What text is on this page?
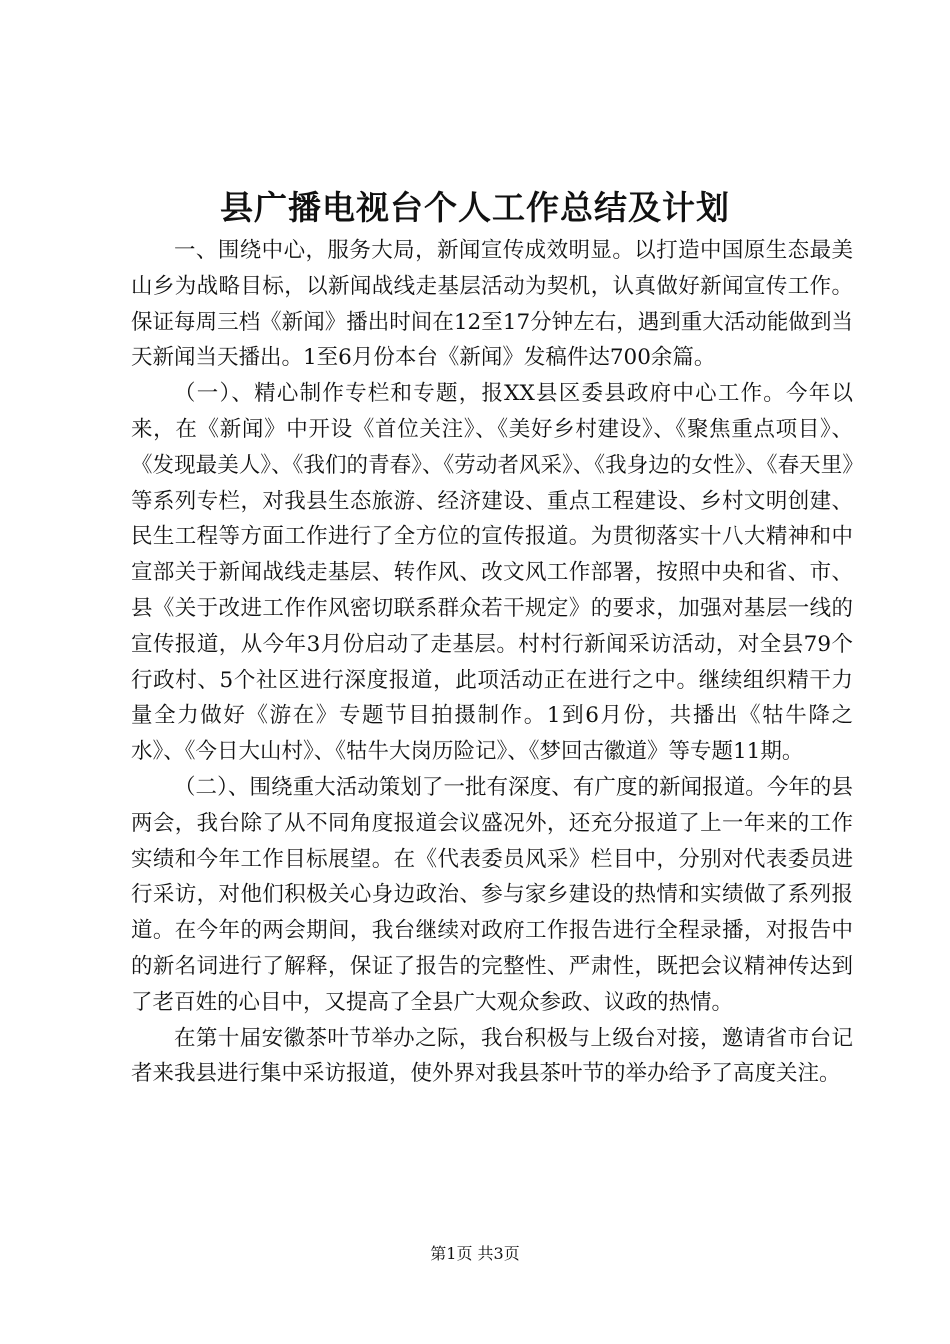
县广播电视台个人工作总结及计划

一、围绕中心，服务大局，新闻宣传成效明显。以打造中国原生态最美山乡为战略目标，以新闻战线走基层活动为契机，认真做好新闻宣传工作。保证每周三档《新闻》播出时间在12至17分钟左右，遇到重大活动能做到当天新闻当天播出。1至6月份本台《新闻》发稿件达700余篇。

（一）、精心制作专栏和专题，报XX县区委县政府中心工作。今年以来，在《新闻》中开设《首位关注》、《美好乡村建设》、《聚焦重点项目》、《发现最美人》、《我们的青春》、《劳动者风采》、《我身边的女性》、《春天里》等系列专栏，对我县生态旅游、经济建设、重点工程建设、乡村文明创建、民生工程等方面工作进行了全方位的宣传报道。为贯彻落实十八大精神和中宣部关于新闻战线走基层、转作风、改文风工作部署，按照中央和省、市、县《关于改进工作作风密切联系群众若干规定》的要求，加强对基层一线的宣传报道，从今年3月份启动了走基层。村村行新闻采访活动，对全县79个行政村、5个社区进行深度报道，此项活动正在进行之中。继续组织精干力量全力做好《游在》专题节目拍摄制作。1到6月份，共播出《牯牛降之水》、《今日大山村》、《牯牛大岗历险记》、《梦回古徽道》等专题11期。

（二）、围绕重大活动策划了一批有深度、有广度的新闻报道。今年的县两会，我台除了从不同角度报道会议盛况外，还充分报道了上一年来的工作实绩和今年工作目标展望。在《代表委员风采》栏目中，分别对代表委员进行采访，对他们积极关心身边政治、参与家乡建设的热情和实绩做了系列报道。在今年的两会期间，我台继续对政府工作报告进行全程录播，对报告中的新名词进行了解释，保证了报告的完整性、严肃性，既把会议精神传达到了老百姓的心目中，又提高了全县广大观众参政、议政的热情。

在第十届安徽茶叶节举办之际，我台积极与上级台对接，邀请省市台记者来我县进行集中采访报道，使外界对我县茶叶节的举办给予了高度关注。

第1页 共3页
